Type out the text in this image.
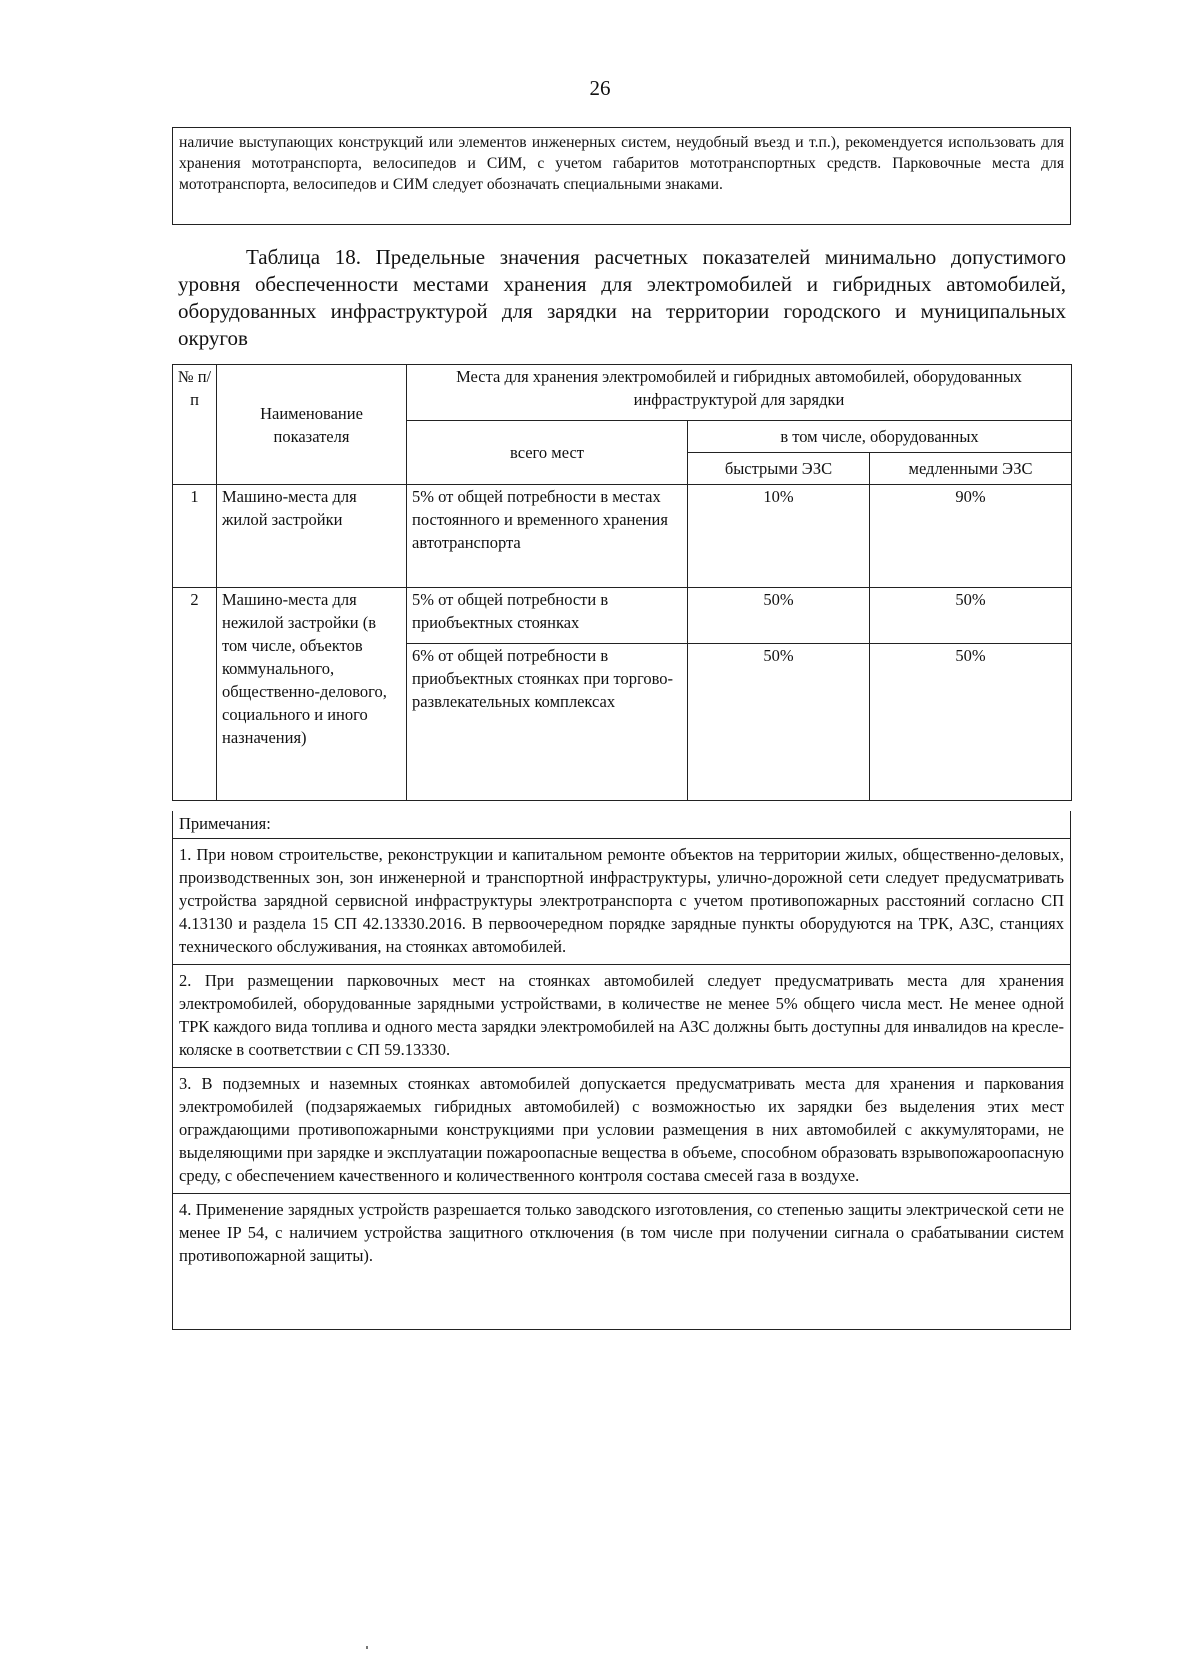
26
наличие выступающих конструкций или элементов инженерных систем, неудобный въезд и т.п.), рекомендуется использовать для хранения мототранспорта, велосипедов и СИМ, с учетом габаритов мототранспортных средств. Парковочные места для мототранспорта, велосипедов и СИМ следует обозначать специальными знаками.
Таблица 18. Предельные значения расчетных показателей минимально допустимого уровня обеспеченности местами хранения для электромобилей и гибридных автомобилей, оборудованных инфраструктурой для зарядки на территории городского и муниципальных округов
№ п/п	Наименование показателя	Места для хранения электромобилей и гибридных автомобилей, оборудованных инфраструктурой для зарядки		
		всего мест	в том числе, оборудованных	
			быстрыми ЭЗС	медленными ЭЗС
1	Машино-места для жилой застройки	5% от общей потребности в местах постоянного и временного хранения автотранспорта	10%	90%
2	Машино-места для нежилой застройки (в том числе, объектов коммунального, общественно-делового, социального и иного назначения)	5% от общей потребности в приобъектных стоянках	50%	50%
		6% от общей потребности в приобъектных стоянках при торгово-развлекательных комплексах	50%	50%
Примечания:
1. При новом строительстве, реконструкции и капитальном ремонте объектов на территории жилых, общественно-деловых, производственных зон, зон инженерной и транспортной инфраструктуры, улично-дорожной сети следует предусматривать устройства зарядной сервисной инфраструктуры электротранспорта с учетом противопожарных расстояний согласно СП 4.13130 и раздела 15 СП 42.13330.2016. В первоочередном порядке зарядные пункты оборудуются на ТРК, АЗС, станциях технического обслуживания, на стоянках автомобилей.
2. При размещении парковочных мест на стоянках автомобилей следует предусматривать места для хранения электромобилей, оборудованные зарядными устройствами, в количестве не менее 5% общего числа мест. Не менее одной ТРК каждого вида топлива и одного места зарядки электромобилей на АЗС должны быть доступны для инвалидов на кресле-коляске в соответствии с СП 59.13330.
3. В подземных и наземных стоянках автомобилей допускается предусматривать места для хранения и паркования электромобилей (подзаряжаемых гибридных автомобилей) с возможностью их зарядки без выделения этих мест ограждающими противопожарными конструкциями при условии размещения в них автомобилей с аккумуляторами, не выделяющими при зарядке и эксплуатации пожароопасные вещества в объеме, способном образовать взрывопожароопасную среду, с обеспечением качественного и количественного контроля состава смесей газа в воздухе.
4. Применение зарядных устройств разрешается только заводского изготовления, со степенью защиты электрической сети не менее IP 54, с наличием устройства защитного отключения (в том числе при получении сигнала о срабатывании систем противопожарной защиты).
